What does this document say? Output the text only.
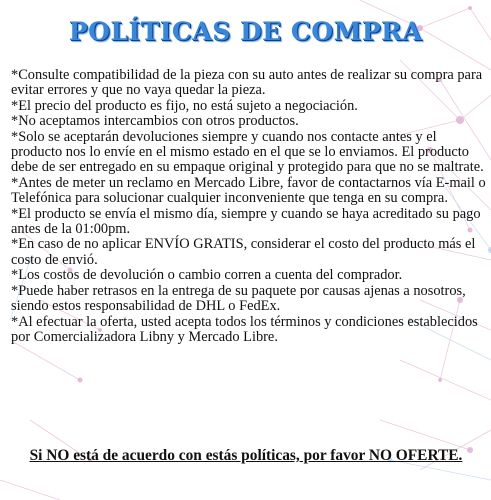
POLÍTICAS DE COMPRA
*Consulte compatibilidad de la pieza con su auto antes de realizar su compra para evitar errores y que no vaya quedar la pieza.
*El precio del producto es fijo, no está sujeto a negociación.
*No aceptamos intercambios con otros productos.
*Solo se aceptarán devoluciones siempre y cuando nos contacte antes y el producto nos lo envíe en el mismo estado en el que se lo enviamos. El producto debe de ser entregado en su empaque original y protegido para que no se maltrate.
*Antes de meter un reclamo en Mercado Libre, favor de contactarnos vía E-mail o Telefónica para solucionar cualquier inconveniente que tenga en su compra.
*El producto se envía el mismo día, siempre y cuando se haya acreditado su pago antes de la 01:00pm.
*En caso de no aplicar ENVÍO GRATIS, considerar el costo del producto más el costo de envió.
*Los costos de devolución o cambio corren a cuenta del comprador.
*Puede haber retrasos en la entrega de su paquete por causas ajenas a nosotros, siendo estos responsabilidad de DHL o FedEx.
*Al efectuar la oferta, usted acepta todos los términos y condiciones establecidos por Comercializadora Libny y Mercado Libre.
Si NO está de acuerdo con estás políticas, por favor NO OFERTE.
